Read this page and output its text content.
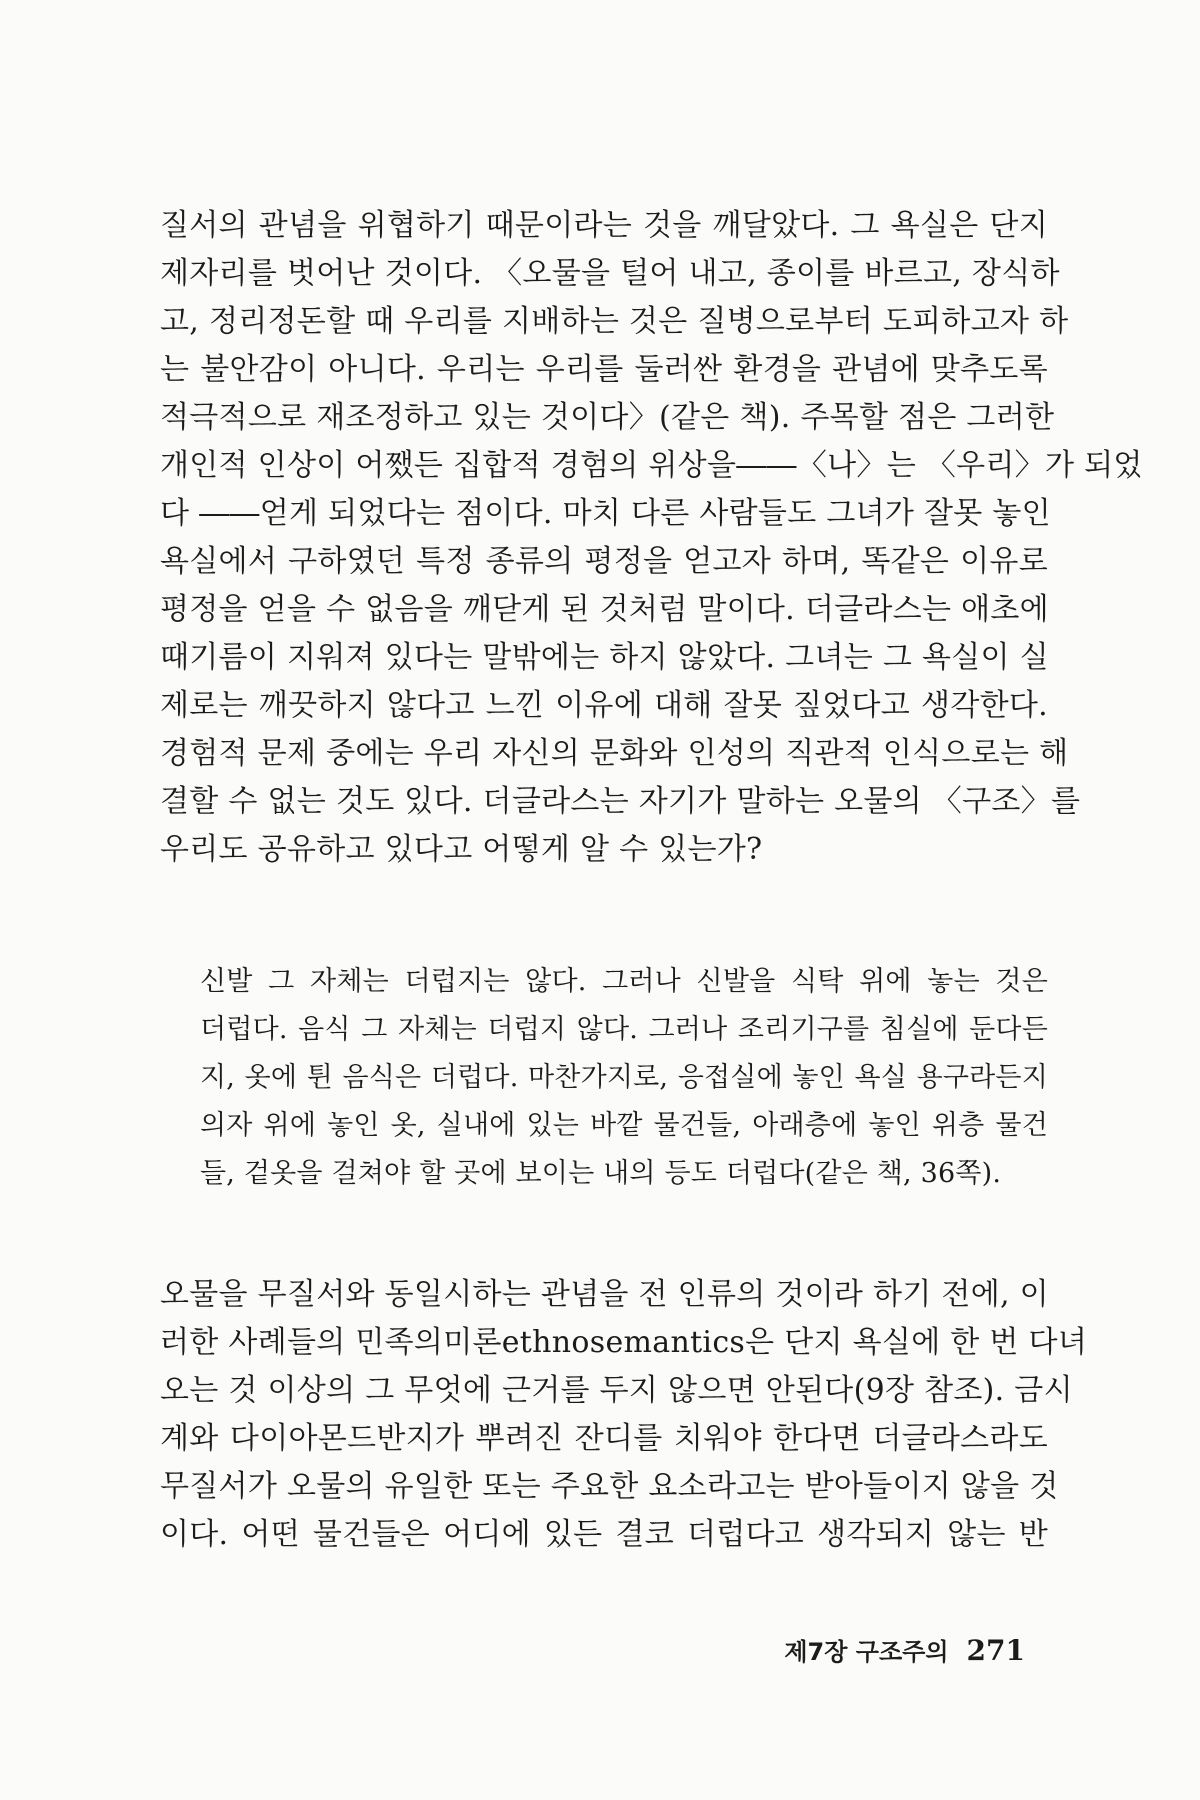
질서의 관념을 위협하기 때문이라는 것을 깨달았다. 그 욕실은 단지
제자리를 벗어난 것이다. 〈오물을 털어 내고, 종이를 바르고, 장식하
고, 정리정돈할 때 우리를 지배하는 것은 질병으로부터 도피하고자 하
는 불안감이 아니다. 우리는 우리를 둘러싼 환경을 관념에 맞추도록
적극적으로 재조정하고 있는 것이다〉(같은 책). 주목할 점은 그러한
개인적 인상이 어쨌든 집합적 경험의 위상을――〈나〉는 〈우리〉가 되었
다 ――얻게 되었다는 점이다. 마치 다른 사람들도 그녀가 잘못 놓인
욕실에서 구하였던 특정 종류의 평정을 얻고자 하며, 똑같은 이유로
평정을 얻을 수 없음을 깨닫게 된 것처럼 말이다. 더글라스는 애초에
때기름이 지워져 있다는 말밖에는 하지 않았다. 그녀는 그 욕실이 실
제로는 깨끗하지 않다고 느낀 이유에 대해 잘못 짚었다고 생각한다.
경험적 문제 중에는 우리 자신의 문화와 인성의 직관적 인식으로는 해
결할 수 없는 것도 있다. 더글라스는 자기가 말하는 오물의 〈구조〉를
우리도 공유하고 있다고 어떻게 알 수 있는가?

신발 그 자체는 더럽지는 않다. 그러나 신발을 식탁 위에 놓는 것은
더럽다. 음식 그 자체는 더럽지 않다. 그러나 조리기구를 침실에 둔다든
지, 옷에 튄 음식은 더럽다. 마찬가지로, 응접실에 놓인 욕실 용구라든지
의자 위에 놓인 옷, 실내에 있는 바깥 물건들, 아래층에 놓인 위층 물건
들, 겉옷을 걸쳐야 할 곳에 보이는 내의 등도 더럽다(같은 책, 36쪽).

오물을 무질서와 동일시하는 관념을 전 인류의 것이라 하기 전에, 이
러한 사례들의 민족의미론ethnosemantics은 단지 욕실에 한 번 다녀
오는 것 이상의 그 무엇에 근거를 두지 않으면 안된다(9장 참조). 금시
계와 다이아몬드반지가 뿌려진 잔디를 치워야 한다면 더글라스라도
무질서가 오물의 유일한 또는 주요한 요소라고는 받아들이지 않을 것
이다. 어떤 물건들은 어디에 있든 결코 더럽다고 생각되지 않는 반

제7장 구조주의 271
